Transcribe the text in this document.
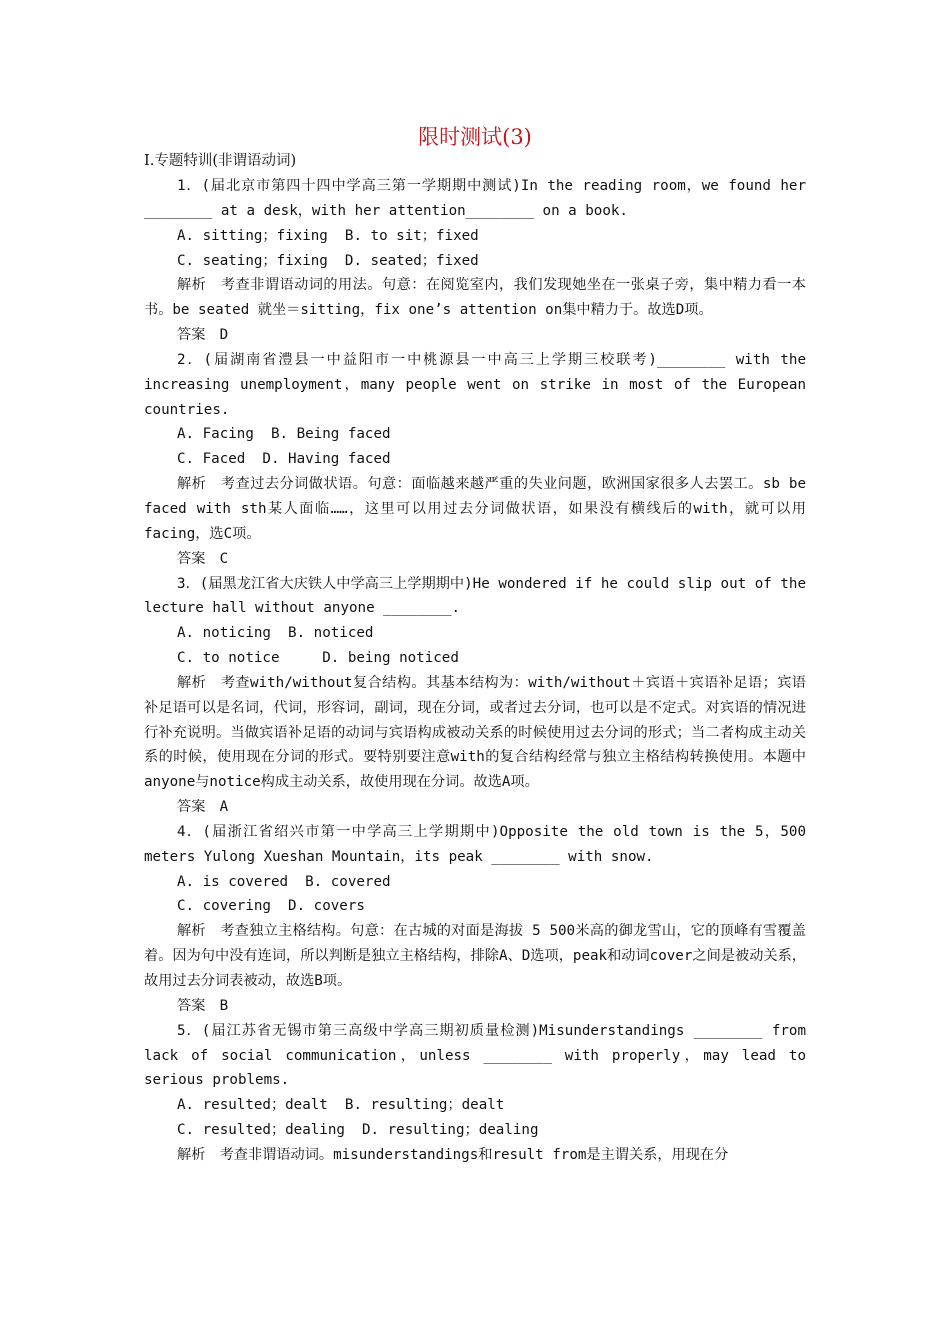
限时测试(3)
Ⅰ.专题特训(非谓语动词)

1．(届北京市第四十四中学高三第一学期期中测试)In the reading room，we found her ________ at a desk，with her attention________ on a book.

A. sitting；fixing  B. to sit；fixed

C. seating；fixing  D. seated；fixed

解析　考查非谓语动词的用法。句意：在阅览室内，我们发现她坐在一张桌子旁，集中精力看一本书。be seated 就坐＝sitting，fix one’s attention on集中精力于。故选D项。

答案　D

2．(届湖南省澧县一中益阳市一中桃源县一中高三上学期三校联考)________ with the increasing unemployment，many people went on strike in most of the European countries.

A. Facing  B. Being faced

C. Faced  D. Having faced

解析　考查过去分词做状语。句意：面临越来越严重的失业问题，欧洲国家很多人去罢工。sb be faced with sth某人面临……，这里可以用过去分词做状语，如果没有横线后的with，就可以用facing，选C项。

答案　C

3．(届黑龙江省大庆铁人中学高三上学期期中)He wondered if he could slip out of the lecture hall without anyone ________.

A. noticing  B. noticed

C. to notice     D. being noticed

解析　考查with/without复合结构。其基本结构为：with/without＋宾语＋宾语补足语；宾语补足语可以是名词，代词，形容词，副词，现在分词，或者过去分词，也可以是不定式。对宾语的情况进行补充说明。当做宾语补足语的动词与宾语构成被动关系的时候使用过去分词的形式；当二者构成主动关系的时候，使用现在分词的形式。要特别要注意with的复合结构经常与独立主格结构转换使用。本题中anyone与notice构成主动关系，故使用现在分词。故选A项。

答案　A

4．(届浙江省绍兴市第一中学高三上学期期中)Opposite the old town is the 5，500 meters Yulong Xueshan Mountain，its peak ________ with snow.

A. is covered  B. covered

C. covering  D. covers

解析　考查独立主格结构。句意：在古城的对面是海拔 5 500米高的御龙雪山，它的顶峰有雪覆盖着。因为句中没有连词，所以判断是独立主格结构，排除A、D选项，peak和动词cover之间是被动关系，故用过去分词表被动，故选B项。

答案　B

5．(届江苏省无锡市第三高级中学高三期初质量检测)Misunderstandings ________ from lack of social communication，unless ________ with properly，may lead to serious problems.

A. resulted；dealt  B. resulting；dealt

C. resulted；dealing  D. resulting；dealing

解析　考查非谓语动词。misunderstandings和result from是主谓关系，用现在分
